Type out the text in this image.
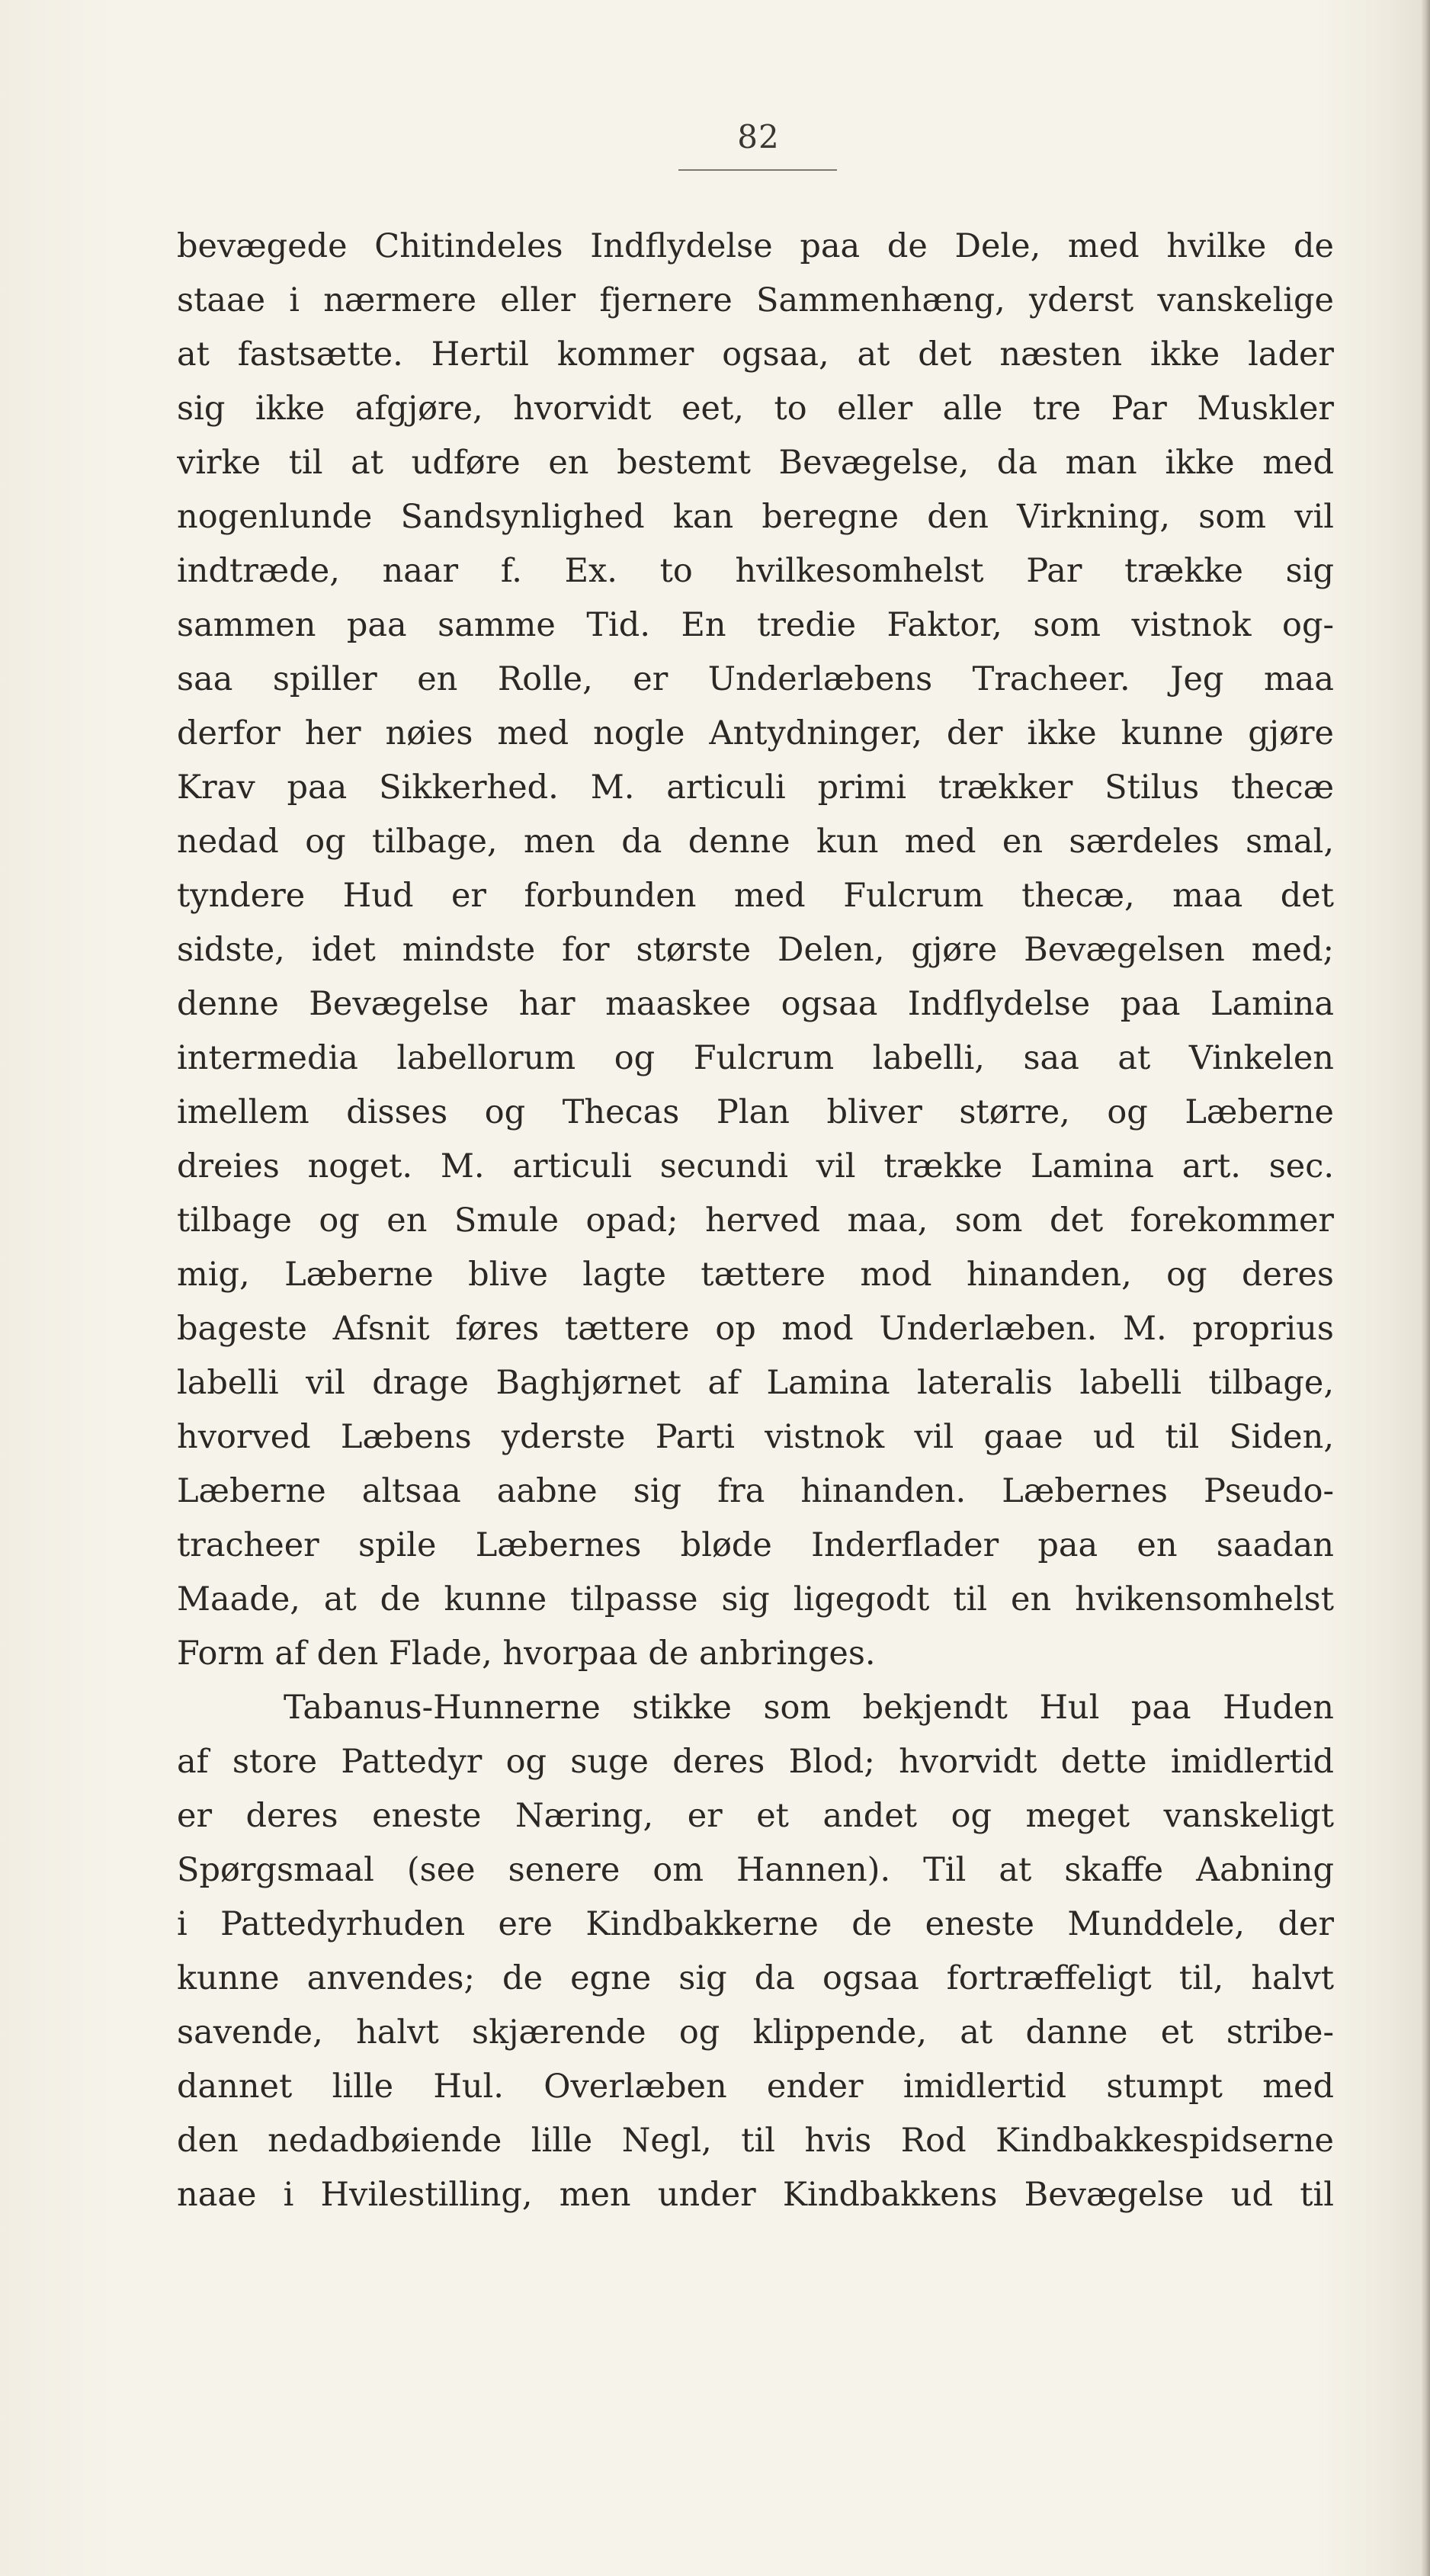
82
bevægede Chitindeles Indflydelse paa de Dele, med hvilke de
staae i nærmere eller fjernere Sammenhæng, yderst vanskelige
at fastsætte. Hertil kommer ogsaa, at det næsten ikke lader
sig ikke afgjøre, hvorvidt eet, to eller alle tre Par Muskler
virke til at udføre en bestemt Bevægelse, da man ikke med
nogenlunde Sandsynlighed kan beregne den Virkning, som vil
indtræde, naar f. Ex. to hvilkesomhelst Par trække sig
sammen paa samme Tid. En tredie Faktor, som vistnok og-
saa spiller en Rolle, er Underlæbens Tracheer. Jeg maa
derfor her nøies med nogle Antydninger, der ikke kunne gjøre
Krav paa Sikkerhed. M. articuli primi trækker Stilus thecæ
nedad og tilbage, men da denne kun med en særdeles smal,
tyndere Hud er forbunden med Fulcrum thecæ, maa det
sidste, idet mindste for største Delen, gjøre Bevægelsen med;
denne Bevægelse har maaskee ogsaa Indflydelse paa Lamina
intermedia labellorum og Fulcrum labelli, saa at Vinkelen
imellem disses og Thecas Plan bliver større, og Læberne
dreies noget. M. articuli secundi vil trække Lamina art. sec.
tilbage og en Smule opad; herved maa, som det forekommer
mig, Læberne blive lagte tættere mod hinanden, og deres
bageste Afsnit føres tættere op mod Underlæben. M. proprius
labelli vil drage Baghjørnet af Lamina lateralis labelli tilbage,
hvorved Læbens yderste Parti vistnok vil gaae ud til Siden,
Læberne altsaa aabne sig fra hinanden. Læbernes Pseudo-
tracheer spile Læbernes bløde Inderflader paa en saadan
Maade, at de kunne tilpasse sig ligegodt til en hvikensomhelst
Form af den Flade, hvorpaa de anbringes.
Tabanus-Hunnerne stikke som bekjendt Hul paa Huden
af store Pattedyr og suge deres Blod; hvorvidt dette imidlertid
er deres eneste Næring, er et andet og meget vanskeligt
Spørgsmaal (see senere om Hannen). Til at skaffe Aabning
i Pattedyrhuden ere Kindbakkerne de eneste Munddele, der
kunne anvendes; de egne sig da ogsaa fortræffeligt til, halvt
savende, halvt skjærende og klippende, at danne et stribe-
dannet lille Hul. Overlæben ender imidlertid stumpt med
den nedadbøiende lille Negl, til hvis Rod Kindbakkespidserne
naae i Hvilestilling, men under Kindbakkens Bevægelse ud til
